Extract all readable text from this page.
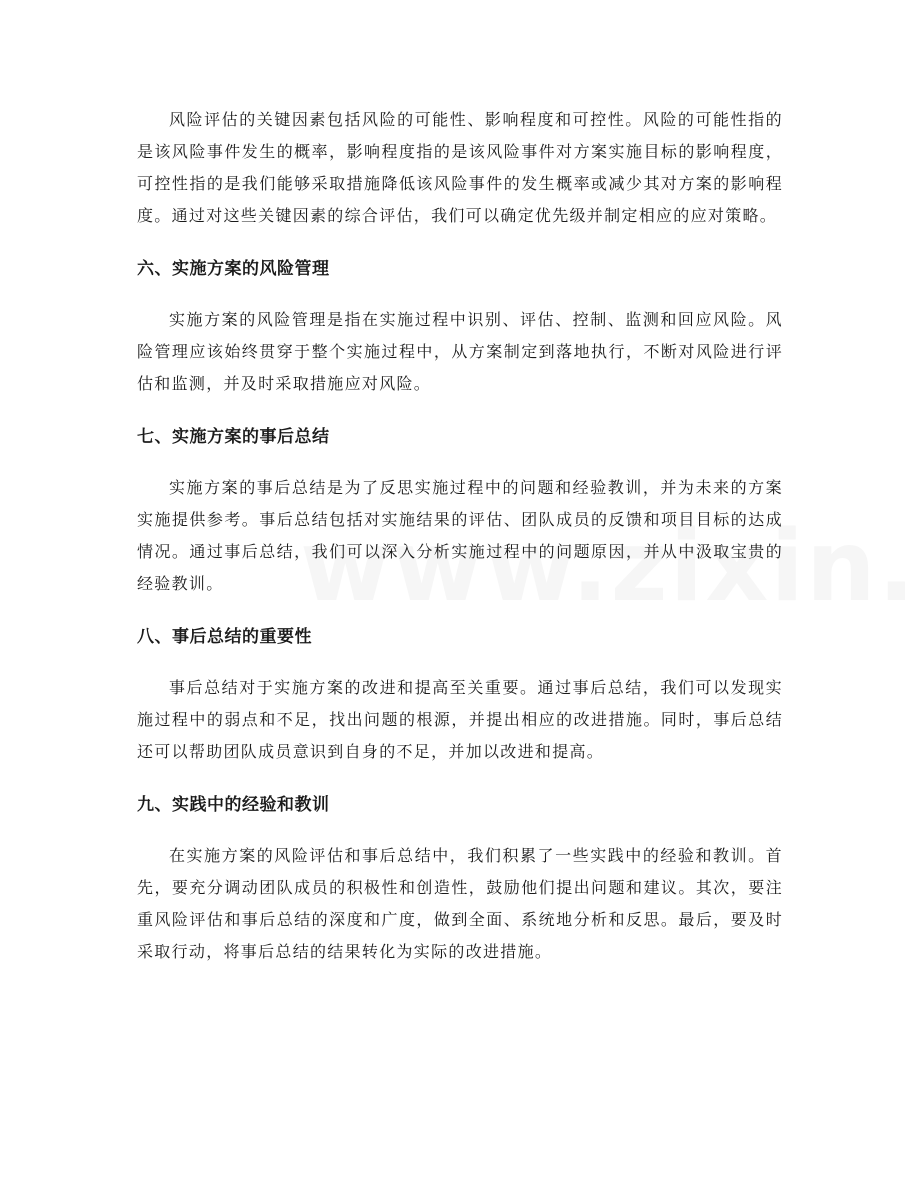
风险评估的关键因素包括风险的可能性、影响程度和可控性。风险的可能性指的是该风险事件发生的概率，影响程度指的是该风险事件对方案实施目标的影响程度，可控性指的是我们能够采取措施降低该风险事件的发生概率或减少其对方案的影响程度。通过对这些关键因素的综合评估，我们可以确定优先级并制定相应的应对策略。

六、实施方案的风险管理

实施方案的风险管理是指在实施过程中识别、评估、控制、监测和回应风险。风险管理应该始终贯穿于整个实施过程中，从方案制定到落地执行，不断对风险进行评估和监测，并及时采取措施应对风险。

七、实施方案的事后总结

实施方案的事后总结是为了反思实施过程中的问题和经验教训，并为未来的方案实施提供参考。事后总结包括对实施结果的评估、团队成员的反馈和项目目标的达成情况。通过事后总结，我们可以深入分析实施过程中的问题原因，并从中汲取宝贵的经验教训。

八、事后总结的重要性

事后总结对于实施方案的改进和提高至关重要。通过事后总结，我们可以发现实施过程中的弱点和不足，找出问题的根源，并提出相应的改进措施。同时，事后总结还可以帮助团队成员意识到自身的不足，并加以改进和提高。

九、实践中的经验和教训

在实施方案的风险评估和事后总结中，我们积累了一些实践中的经验和教训。首先，要充分调动团队成员的积极性和创造性，鼓励他们提出问题和建议。其次，要注重风险评估和事后总结的深度和广度，做到全面、系统地分析和反思。最后，要及时采取行动，将事后总结的结果转化为实际的改进措施。
